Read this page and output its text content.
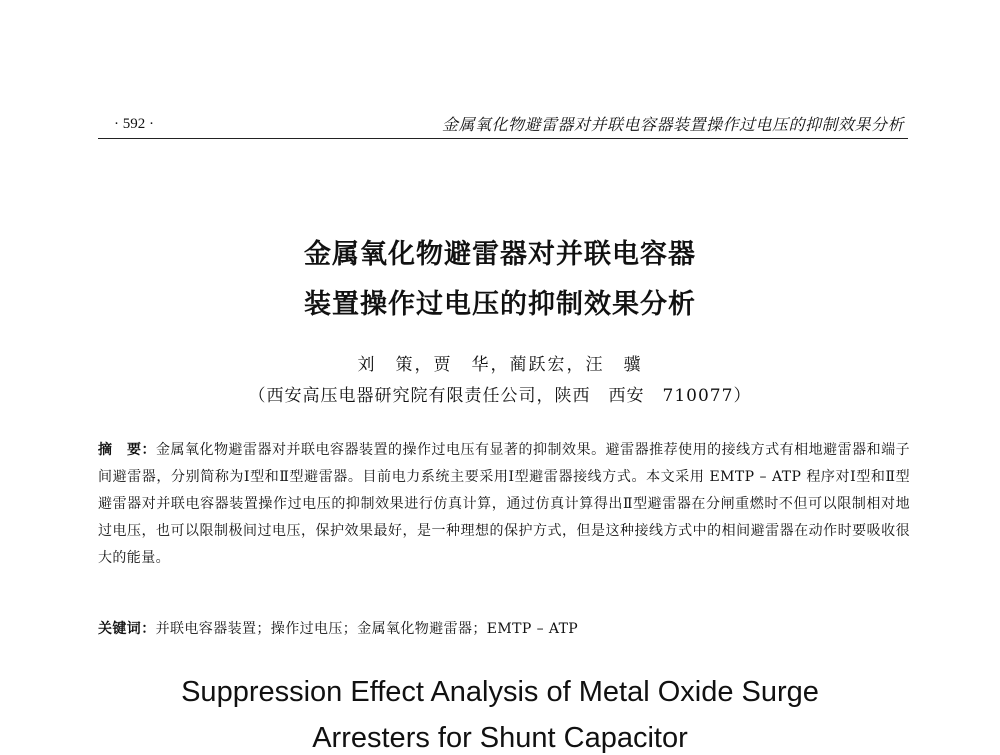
· 592 ·	金属氧化物避雷器对并联电容器装置操作过电压的抑制效果分析
金属氧化物避雷器对并联电容器
装置操作过电压的抑制效果分析
刘　策，贾　华，蔺跃宏，汪　骥
（西安高压电器研究院有限责任公司，陕西　西安　710077）
摘　要：金属氧化物避雷器对并联电容器装置的操作过电压有显著的抑制效果。避雷器推荐使用的接线方式有相地避雷器和端子间避雷器，分别简称为Ⅰ型和Ⅱ型避雷器。目前电力系统主要采用Ⅰ型避雷器接线方式。本文采用 EMTP – ATP 程序对Ⅰ型和Ⅱ型避雷器对并联电容器装置操作过电压的抑制效果进行仿真计算，通过仿真计算得出Ⅱ型避雷器在分闸重燃时不但可以限制相对地过电压，也可以限制极间过电压，保护效果最好，是一种理想的保护方式，但是这种接线方式中的相间避雷器在动作时要吸收很大的能量。
关键词：并联电容器装置；操作过电压；金属氧化物避雷器；EMTP – ATP
Suppression Effect Analysis of Metal Oxide Surge
Arresters for Shunt Capacitor
